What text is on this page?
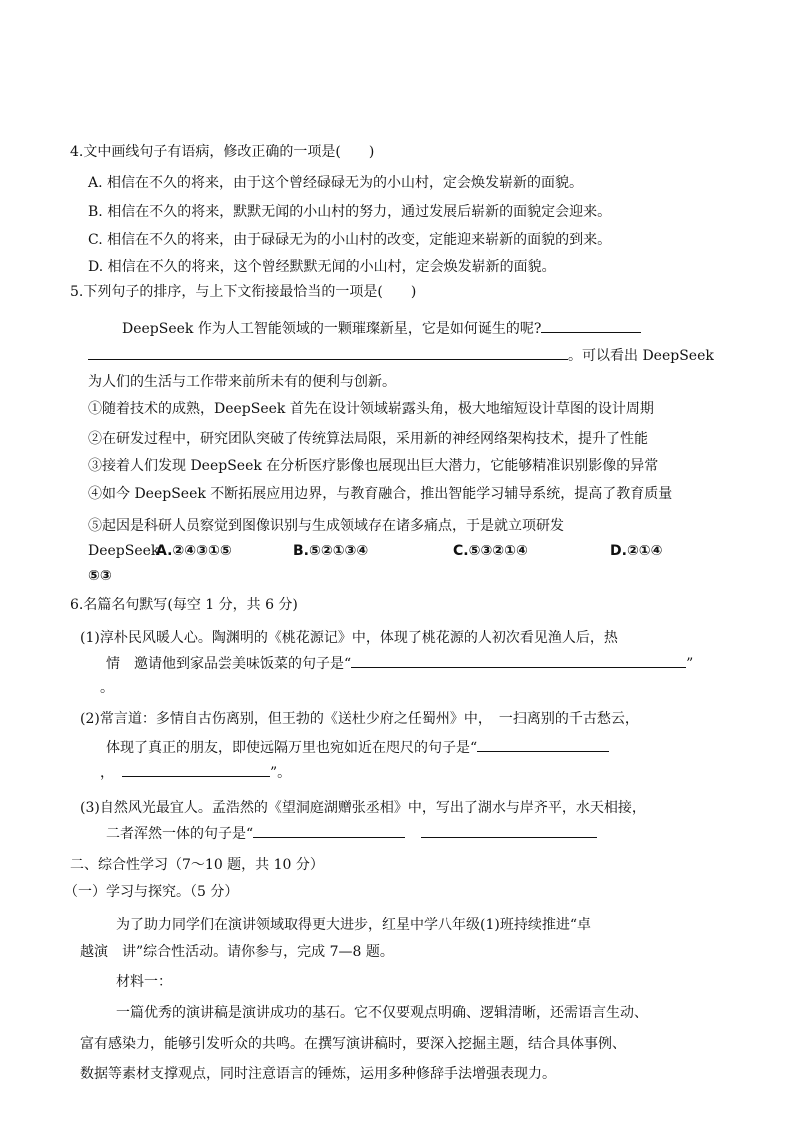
4.文中画线句子有语病，修改正确的一项是(　　)
A. 相信在不久的将来，由于这个曾经碌碌无为的小山村，定会焕发崭新的面貌。
B. 相信在不久的将来，默默无闻的小山村的努力，通过发展后崭新的面貌定会迎来。
C. 相信在不久的将来，由于碌碌无为的小山村的改变，定能迎来崭新的面貌的到来。
D. 相信在不久的将来，这个曾经默默无闻的小山村，定会焕发崭新的面貌。
5.下列句子的排序，与上下文衔接最恰当的一项是(　　)
DeepSeek 作为人工智能领域的一颗璀璨新星，它是如何诞生的呢?
。可以看出 DeepSeek
为人们的生活与工作带来前所未有的便利与创新。
①随着技术的成熟，DeepSeek 首先在设计领域崭露头角，极大地缩短设计草图的设计周期
②在研发过程中，研究团队突破了传统算法局限，采用新的神经网络架构技术，提升了性能
③接着人们发现 DeepSeek 在分析医疗影像也展现出巨大潜力，它能够精准识别影像的异常
④如今 DeepSeek 不断拓展应用边界，与教育融合，推出智能学习辅导系统，提高了教育质量
⑤起因是科研人员察觉到图像识别与生成领域存在诸多痛点，于是就立项研发
DeepSeek
A.②④③①⑤	B.⑤②①③④	C.⑤③②①④	D.②①④
⑤③
6.名篇名句默写(每空 1 分，共 6 分)
(1)淳朴民风暖人心。陶渊明的《桃花源记》中，体现了桃花源的人初次看见渔人后，热
情　邀请他到家品尝美味饭菜的句子是“	”
。
(2)常言道：多情自古伤离别，但王勃的《送杜少府之任蜀州》中，　一扫离别的千古愁云，
体现了真正的朋友，即使远隔万里也宛如近在咫尺的句子是“
，	”。
(3)自然风光最宜人。孟浩然的《望洞庭湖赠张丞相》中，写出了湖水与岸齐平，水天相接，
二者浑然一体的句子是“
二、综合性学习（7～10 题，共 10 分）
（一）学习与探究。（5 分）
为了助力同学们在演讲领域取得更大进步，红星中学八年级(1)班持续推进“卓
越演　讲”综合性活动。请你参与，完成 7—8 题。
材料一：
一篇优秀的演讲稿是演讲成功的基石。它不仅要观点明确、逻辑清晰，还需语言生动、
富有感染力，能够引发听众的共鸣。在撰写演讲稿时，要深入挖掘主题，结合具体事例、
数据等素材支撑观点，同时注意语言的锤炼，运用多种修辞手法增强表现力。
